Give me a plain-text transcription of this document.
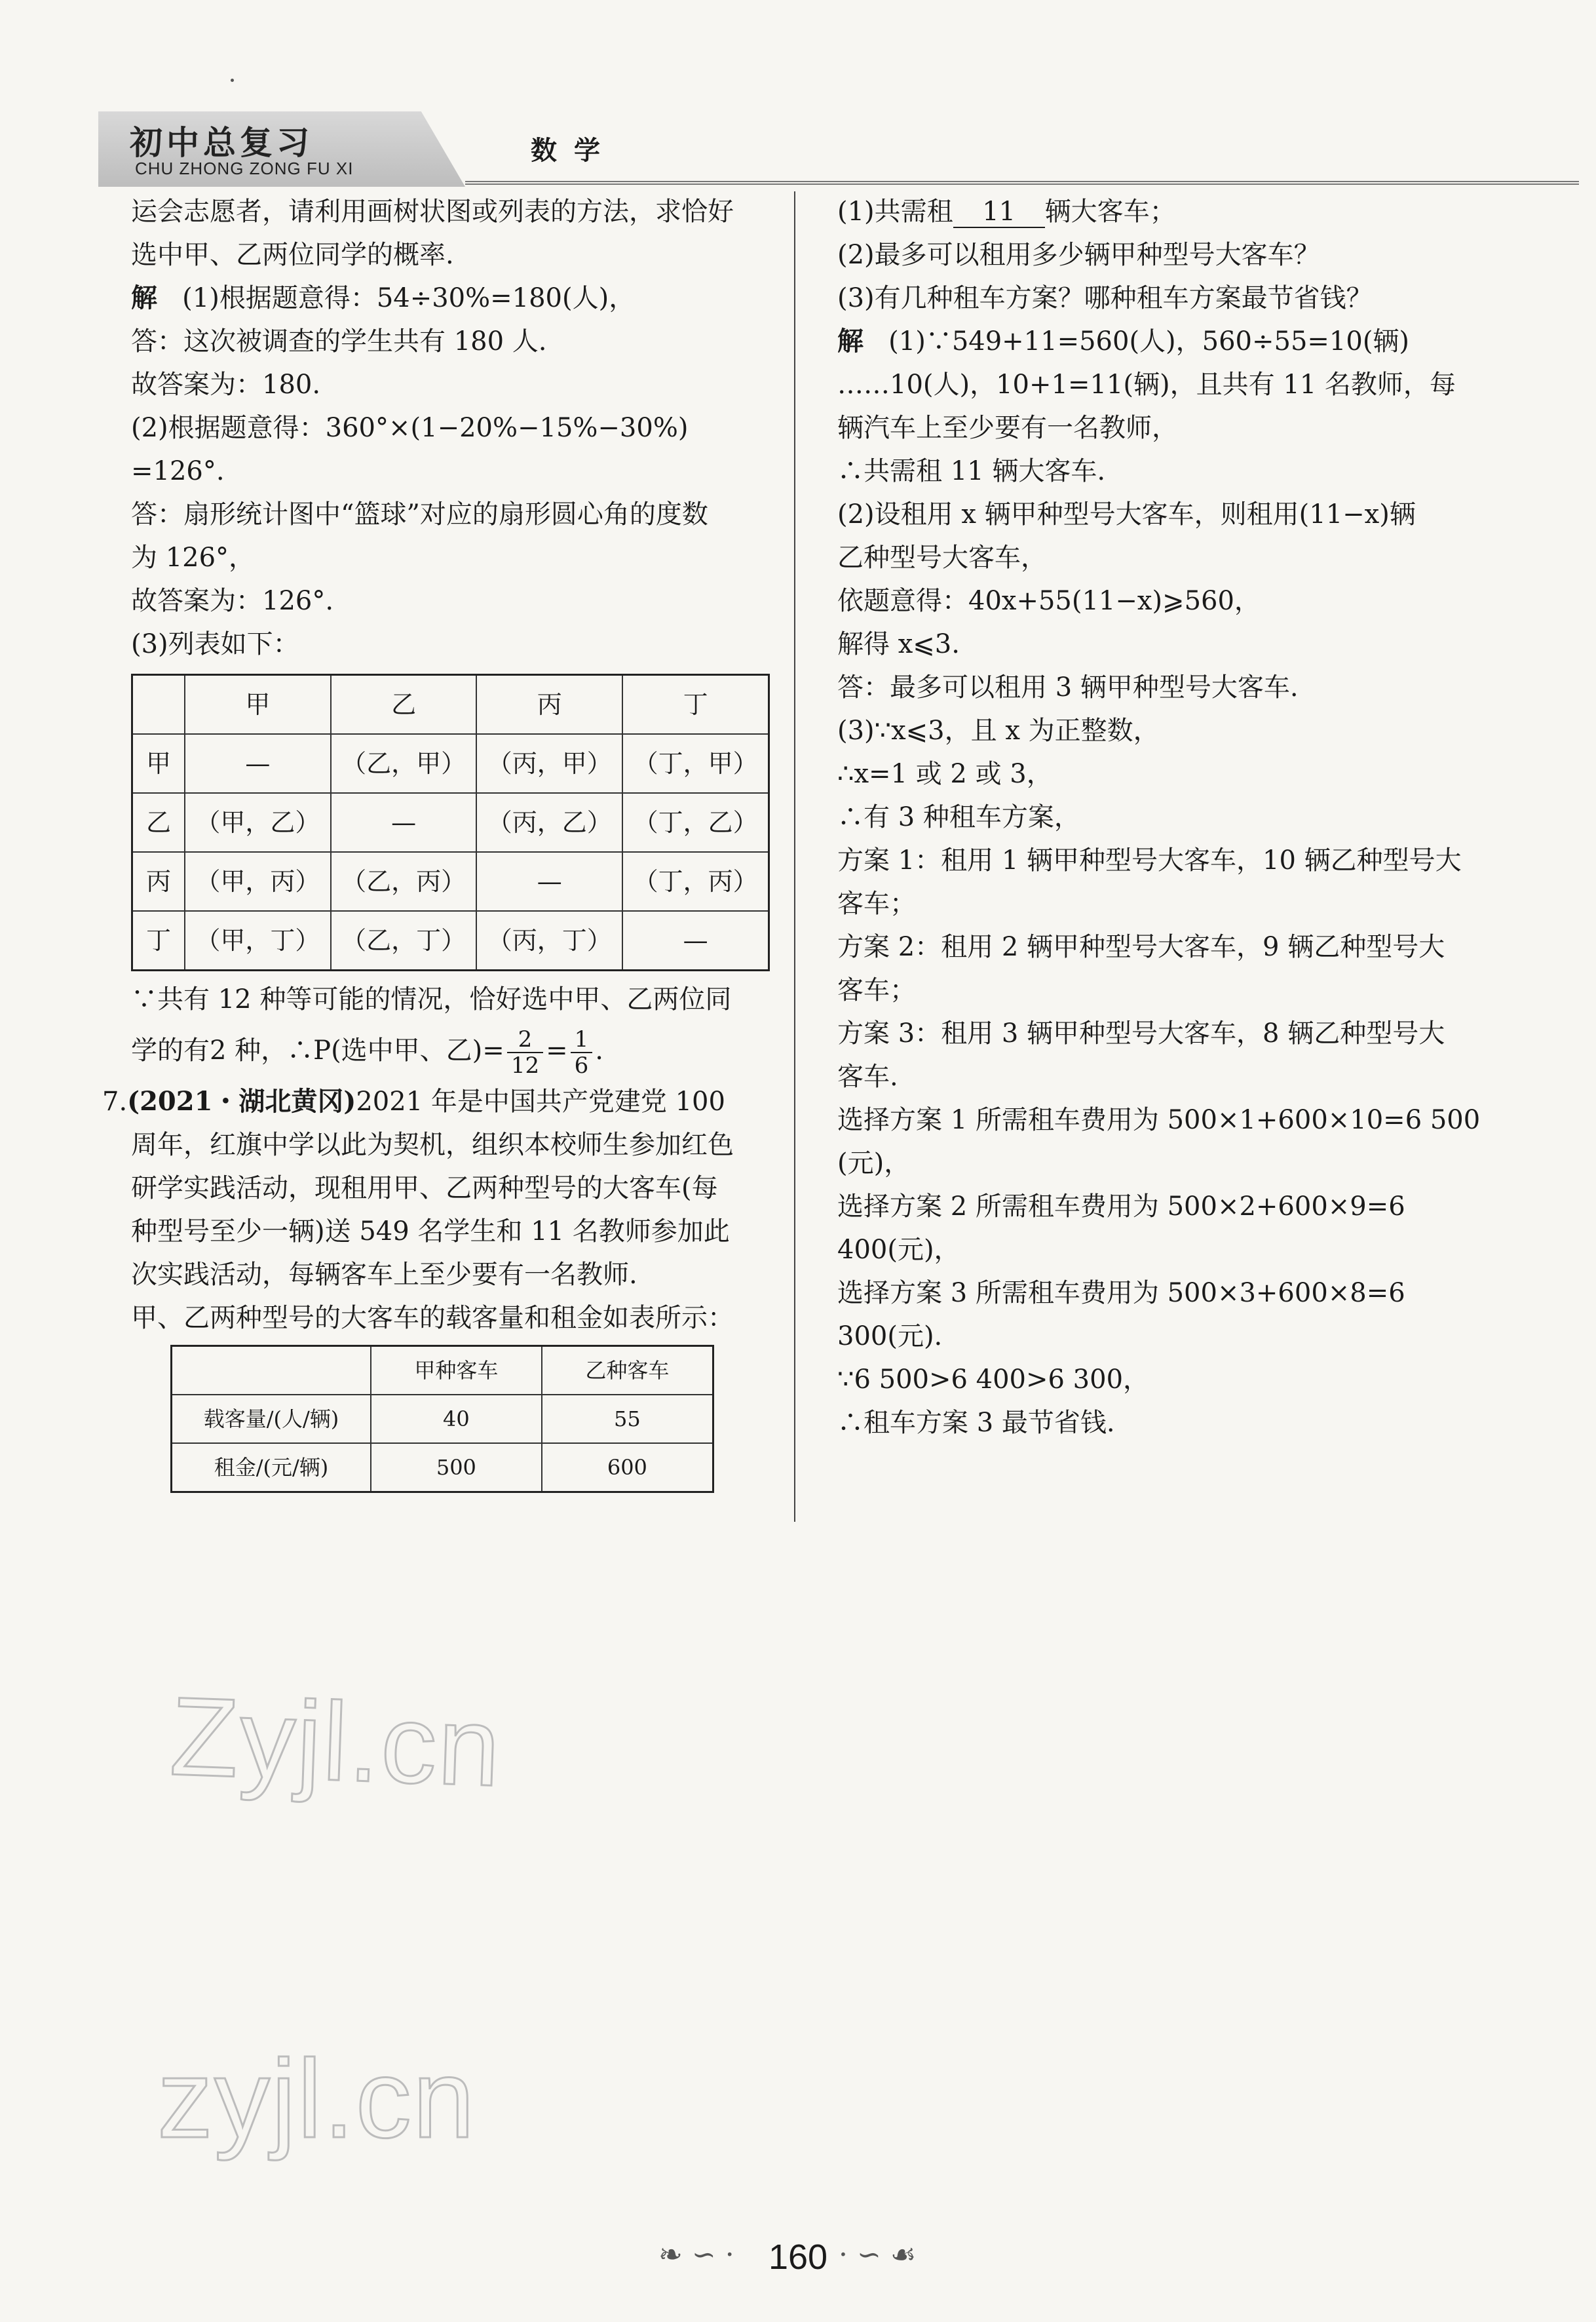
初中总复习
CHU ZHONG ZONG FU XI
数学

运会志愿者，请利用画树状图或列表的方法，求恰好

选中甲、乙两位同学的概率.

解 (1)根据题意得：54÷30%=180(人)，

答：这次被调查的学生共有 180 人.

故答案为：180.

(2)根据题意得：360°×(1−20%−15%−30%)

=126°.

答：扇形统计图中“篮球”对应的扇形圆心角的度数

为 126°，

故答案为：126°.

(3)列表如下：

	甲	乙	丙	丁
甲	—	（乙，甲）	（丙，甲）	（丁，甲）
乙	（甲，乙）	—	（丙，乙）	（丁，乙）
丙	（甲，丙）	（乙，丙）	—	（丁，丙）
丁	（甲，丁）	（乙，丁）	（丙，丁）	—

∵共有 12 种等可能的情况，恰好选中甲、乙两位同

学的有2 种，∴P(选中甲、乙)= $\frac{2}{12} = \frac{1}{6}$ .

7.(2021・湖北黄冈)2021 年是中国共产党建党 100

周年，红旗中学以此为契机，组织本校师生参加红色

研学实践活动，现租用甲、乙两种型号的大客车(每

种型号至少一辆)送 549 名学生和 11 名教师参加此

次实践活动，每辆客车上至少要有一名教师.

甲、乙两种型号的大客车的载客量和租金如表所示：

	甲种客车	乙种客车
载客量/(人/辆)	40	55
租金/(元/辆)	500	600

(1)共需租 11 辆大客车；

(2)最多可以租用多少辆甲种型号大客车？

(3)有几种租车方案？哪种租车方案最节省钱？

解 (1)∵549+11=560(人)，560÷55=10(辆)

……10(人)，10+1=11(辆)，且共有 11 名教师，每

辆汽车上至少要有一名教师，

∴共需租 11 辆大客车.

(2)设租用 x 辆甲种型号大客车，则租用(11−x)辆

乙种型号大客车，

依题意得：40x+55(11−x)⩾560，

解得 x⩽3.

答：最多可以租用 3 辆甲种型号大客车.

(3)∵x⩽3，且 x 为正整数，

∴x=1 或 2 或 3，

∴有 3 种租车方案，

方案 1：租用 1 辆甲种型号大客车，10 辆乙种型号大

客车；

方案 2：租用 2 辆甲种型号大客车，9 辆乙种型号大

客车；

方案 3：租用 3 辆甲种型号大客车，8 辆乙种型号大

客车.

选择方案 1 所需租车费用为 500×1+600×10=6 500

(元)，

选择方案 2 所需租车费用为 500×2+600×9=6

400(元)，

选择方案 3 所需租车费用为 500×3+600×8=6

300(元).

∵6 500>6 400>6 300，

∴租车方案 3 最节省钱.

Zyjl.cn
zyjl.cn
❧ ∽ · 160 · ∽ ☙
